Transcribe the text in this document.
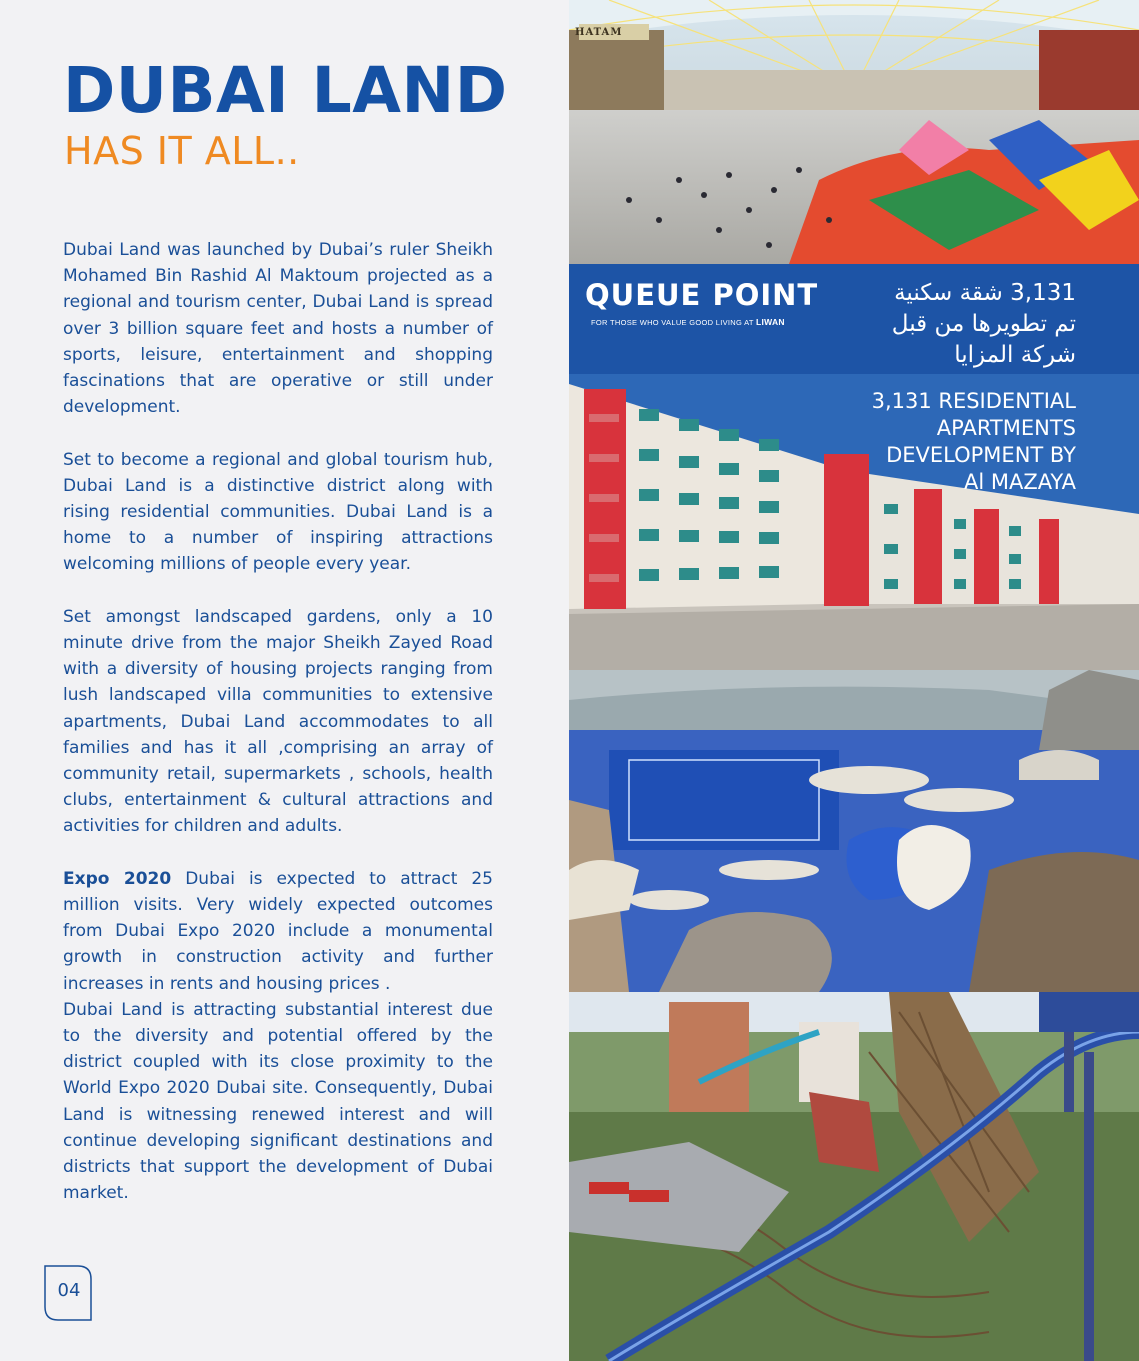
DUBAI LAND
HAS IT ALL..

Dubai Land was launched by Dubai’s ruler Sheikh Mohamed Bin Rashid Al Maktoum projected as a regional and tourism center, Dubai Land is spread over 3 billion square feet and hosts a number of sports, leisure, entertainment and shopping fascinations that are operative or still under development.

Set to become a regional and global tourism hub, Dubai Land is a distinctive district along with rising residential communities. Dubai Land is a home to a number of inspiring attractions welcoming millions of people every year.

Set amongst landscaped gardens, only a 10 minute drive from the major Sheikh Zayed Road with a diversity of housing projects ranging from lush landscaped villa communities to extensive apartments, Dubai Land accommodates to all families and has it all ,comprising an array of community retail, supermarkets , schools, health clubs, entertainment & cultural attractions and activities for children and adults.

Expo 2020 Dubai is expected to attract 25 million visits. Very widely expected outcomes from Dubai Expo 2020 include a monumental growth in construction activity and further increases in rents and housing prices .

Dubai Land is attracting substantial interest due to the diversity and potential offered by the district coupled with its close proximity to the World Expo 2020 Dubai site. Consequently, Dubai Land is witnessing renewed interest and will continue developing significant destinations and districts that support the development of Dubai market.

04
HATAM
QUEUE POINT
FOR THOSE WHO VALUE GOOD LIVING AT LIWAN
3,131 شقة سكنية
تم تطويرها من قبل
شركة المزايا
3,131 RESIDENTIAL
APARTMENTS
DEVELOPMENT BY
Al MAZAYA
